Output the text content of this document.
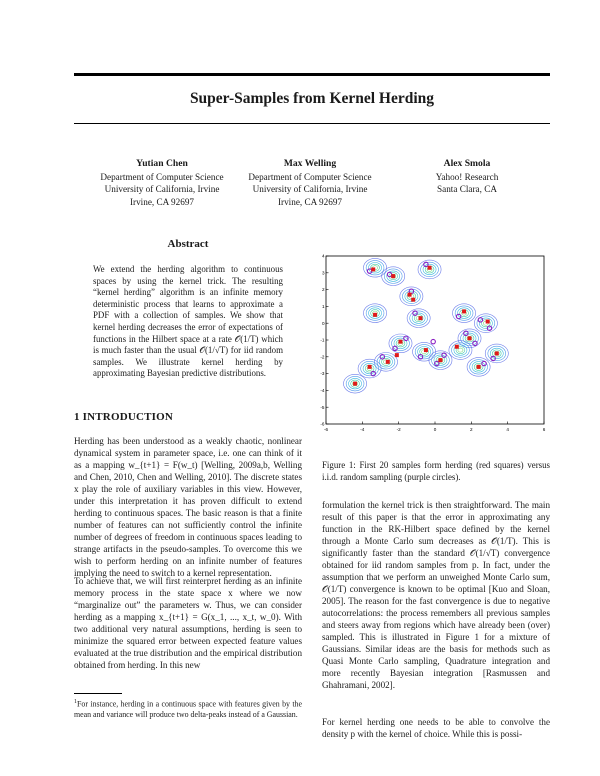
Super-Samples from Kernel Herding
Yutian Chen
Department of Computer Science
University of California, Irvine
Irvine, CA 92697
Max Welling
Department of Computer Science
University of California, Irvine
Irvine, CA 92697
Alex Smola
Yahoo! Research
Santa Clara, CA
Abstract
We extend the herding algorithm to continuous spaces by using the kernel trick. The resulting “kernel herding” algorithm is an infinite memory deterministic process that learns to approximate a PDF with a collection of samples. We show that kernel herding decreases the error of expectations of functions in the Hilbert space at a rate 𝒪(1/T) which is much faster than the usual 𝒪(1/√T) for iid random samples. We illustrate kernel herding by approximating Bayesian predictive distributions.
1 INTRODUCTION

Herding has been understood as a weakly chaotic, nonlinear dynamical system in parameter space, i.e. one can think of it as a mapping w_{t+1} = F(w_t) [Welling, 2009a,b, Welling and Chen, 2010, Chen and Welling, 2010]. The discrete states x play the role of auxiliary variables in this view. However, under this interpretation it has proven difficult to extend herding to continuous spaces. The basic reason is that a finite number of features can not sufficiently control the infinite number of degrees of freedom in continuous spaces leading to strange artifacts in the pseudo-samples. To overcome this we wish to perform herding on an infinite number of features implying the need to switch to a kernel representation.

To achieve that, we will first reinterpret herding as an infinite memory process in the state space x where we now “marginalize out” the parameters w. Thus, we can consider herding as a mapping x_{t+1} = G(x_1, ..., x_t, w_0). With two additional very natural assumptions, herding is seen to minimize the squared error between expected feature values evaluated at the true distribution and the empirical distribution obtained from herding. In this new

$^1$For instance, herding in a continuous space with features given by the mean and variance will produce two delta-peaks instead of a Gaussian.
-6	-4	-2	0	2	4	6
-6
-5
-4
-3
-2
-1
0
1
2
3
4
Figure 1: First 20 samples form herding (red squares) versus i.i.d. random sampling (purple circles).

formulation the kernel trick is then straightforward. The main result of this paper is that the error in approximating any function in the RK-Hilbert space defined by the kernel through a Monte Carlo sum decreases as 𝒪(1/T). This is significantly faster than the standard 𝒪(1/√T) convergence obtained for iid random samples from p. In fact, under the assumption that we perform an unweighed Monte Carlo sum, 𝒪(1/T) convergence is known to be optimal [Kuo and Sloan, 2005]. The reason for the fast convergence is due to negative autocorrelations: the process remembers all previous samples and steers away from regions which have already been (over) sampled. This is illustrated in Figure 1 for a mixture of Gaussians. Similar ideas are the basis for methods such as Quasi Monte Carlo sampling, Quadrature integration and more recently Bayesian integration [Rasmussen and Ghahramani, 2002].

For kernel herding one needs to be able to convolve the density p with the kernel of choice. While this is possi-
